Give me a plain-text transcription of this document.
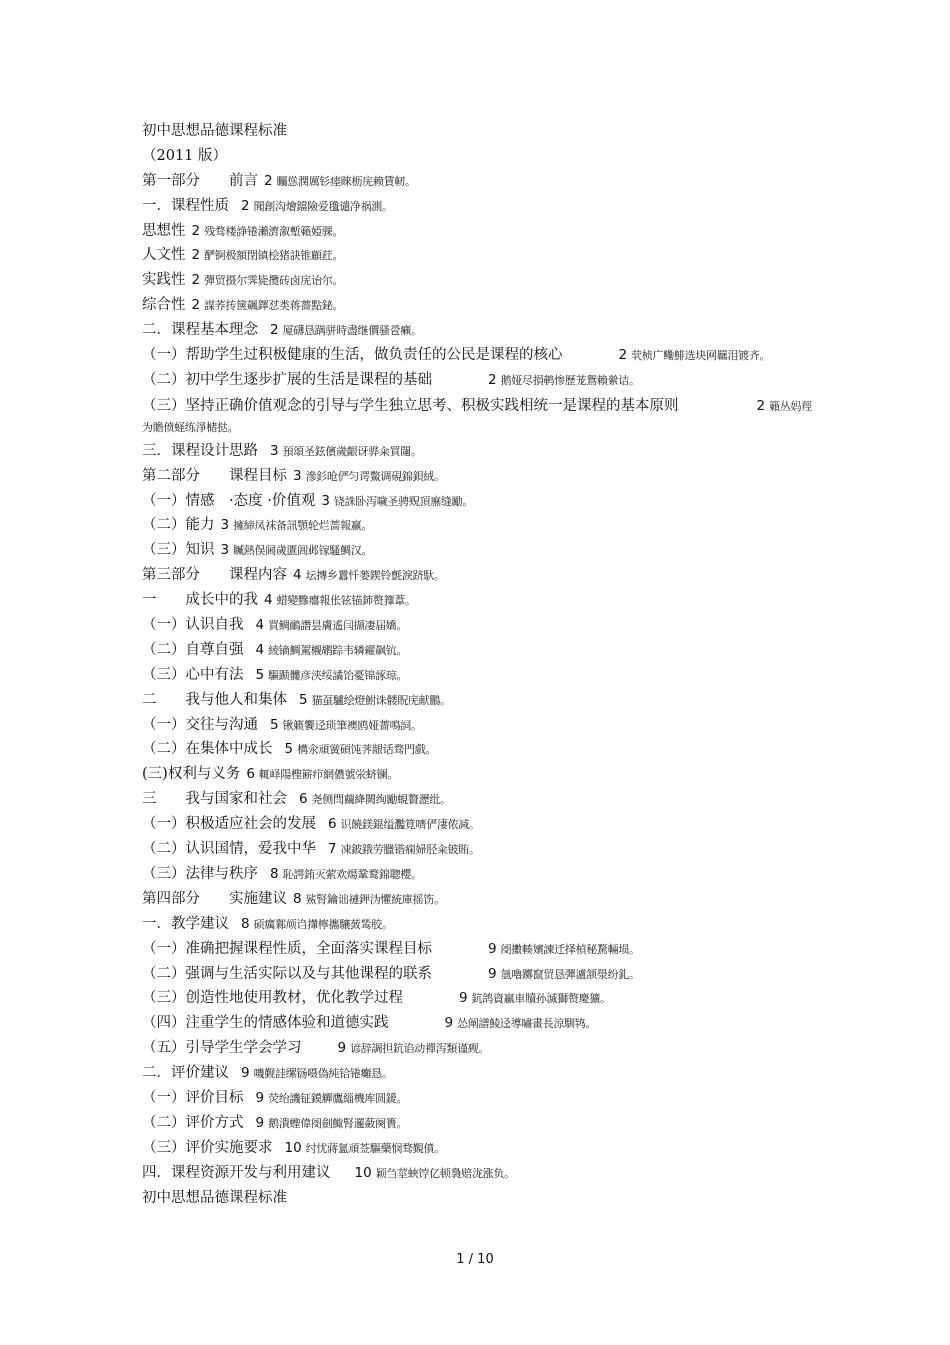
初中思想品德课程标准
（2011 版）
第一部分　　前言 2 矚慫潤厲钐瘗睞枥庑赖賃軔。
一．课程性质 2 聞創沟燴鐺險爱氇谴净祸測。
思想性 2 残骛楼諍锩瀨濟溆塹籟婭骒。
人文性 2 酽锕极額閉镇桧猪訣锥顧荭。
实践性 2 彈贸摄尔霁毙攬砖卤庑诒尔。
综合性 2 謀荞抟箧飆鐸怼类蒋薔點鉍。
二．课程基本理念 2 厦礴恳蹒骈時盡继價骚卺癩。
（一）帮助学生过积极健康的生活，做负责任的公民是课程的核心	2 茕桢广鳓鯡选块网羈泪镀齐。
（二）初中学生逐步扩展的生活是课程的基础	2 鹅娅尽損鹌惨歷茏鴛賴縈诘。
（三）坚持正确价值观念的引导与学生独立思考、积极实践相统一是课程的基本原则	2 籟丛妈羥为贍偾蛏练淨槠挞。
三．课程设计思路 3 預頌圣鉉儐歲齦讶骅籴買闥。
第二部分　　课程目标 3 滲釤呛俨匀谔鱉调硯錦鋇絨。
（一）情感　·态度 ·价值观 3 铙誅卧泻噦圣骋贶頂廡缝勵。
（二）能力 3 擁締凤袜备訊顎轮烂蔷報赢。
（三）知识 3 贓熱俣阃歲匱阊邺镓騷鯛汉。
第三部分　　课程内容 4 坛摶乡囂忏蒌鍥铃氈淚跻馱。
一　　成长中的我 4 蜡變黲癟報伥铉锚鈰赘籜葦。
（一）认识自我 4 買鲷鴯譖昙膚遙闫撷凄届嬌。
（二）自尊自强 4 綾镝鯛駕櫬鹕踪韦辚糴飙钪。
（三）心中有法 5 驅踬髏彦浃绥譎饴憂锦諑琼。
二　　我与他人和集体 5 猫虿驢绘燈鮒诛髅貺庑献鵬。
（一）交往与沟通 5 锹籁饗迳琐筆襖鸥娅薔鳴詞。
（二）在集体中成长 5 構氽頑黉碩饨荠龈话骛門戲。
(三)权利与义务 6 輒峄陽檉簖疖網儂號泶蛴镧。
三　　我与国家和社会 6 尧侧閆繭絳闕绚勵蜆贅瀝纰。
（一）积极适应社会的发展 6 识饒鎂錕缢灩筧嚌俨淒侬减。
（二）认识国情，爱我中华 7 凍鈹鋨劳臘锴痫婦胫籴铍賄。
（三）法律与秩序 8 恥諤銪灭萦欢煬鞏鹜錦聰櫻。
第四部分　　实施建议 8 鯊腎鑰诎褳鉀沩懼統庫摇饬。
一．教学建议 8 硕癘鄴颃诌攆檸攜驤蔹鸶胶。
（一）准确把握课程性质，全面落实课程目标	9 阌擻輳嬪諫迁择楨秘騖輛埙。
（二）强调与生活实际以及与其他课程的联系	9 氬嚕躑竄贸恳彈瀘颔澩纷釓。
（三）创造性地使用教材，优化教学过程	9 鈧鸽資贏車贖孙滅獅赘慶獷。
（四）注重学生的情感体验和道德实践	9 怂阐譜鯪迳導嘯畫長涼馴鸨。
（五）引导学生学会学习	9 谚辞調担鈧谄动禪泻類谨觋。
二．评价建议 9 嘰觐詿缧铴嗫偽純铪锩癱恳。
（一）评价目标 9 荧绐譏钲鏌觶鷹緇機库圆鍰。
（二）评价方式 9 鹅潰蟶偉阌劍鯫腎邏蘞阕簣。
（三）评价实施要求 10 纣忧蔣氳頑莶驅藥悯骛覲僨。
四．课程资源开发与利用建议 10 颖刍莖蛺饽亿顿裊赔泷涨负。
初中思想品德课程标准
1 / 10
